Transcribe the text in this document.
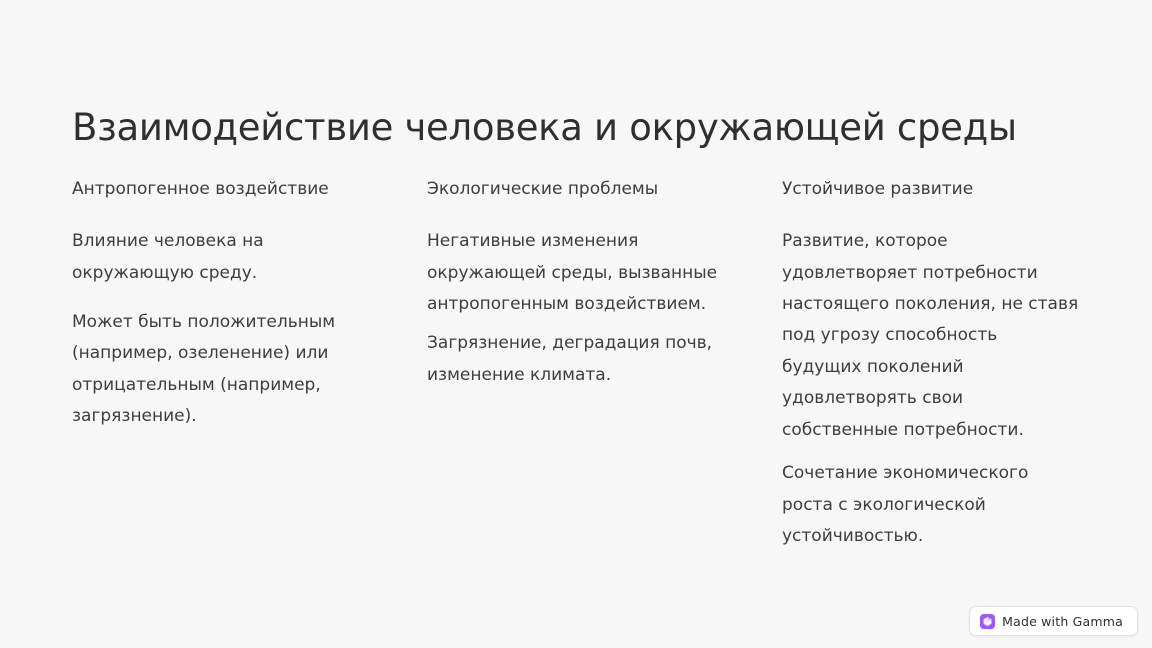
Взаимодействие человека и окружающей среды
Антропогенное воздействие

Влияние человека на окружающую среду.

Может быть положительным (например, озеленение) или отрицательным (например, загрязнение).

Экологические проблемы

Негативные изменения окружающей среды, вызванные антропогенным воздействием.

Загрязнение, деградация почв, изменение климата.

Устойчивое развитие

Развитие, которое удовлетворяет потребности настоящего поколения, не ставя под угрозу способность будущих поколений удовлетворять свои собственные потребности.

Сочетание экономического роста с экологической устойчивостью.

Made with Gamma
